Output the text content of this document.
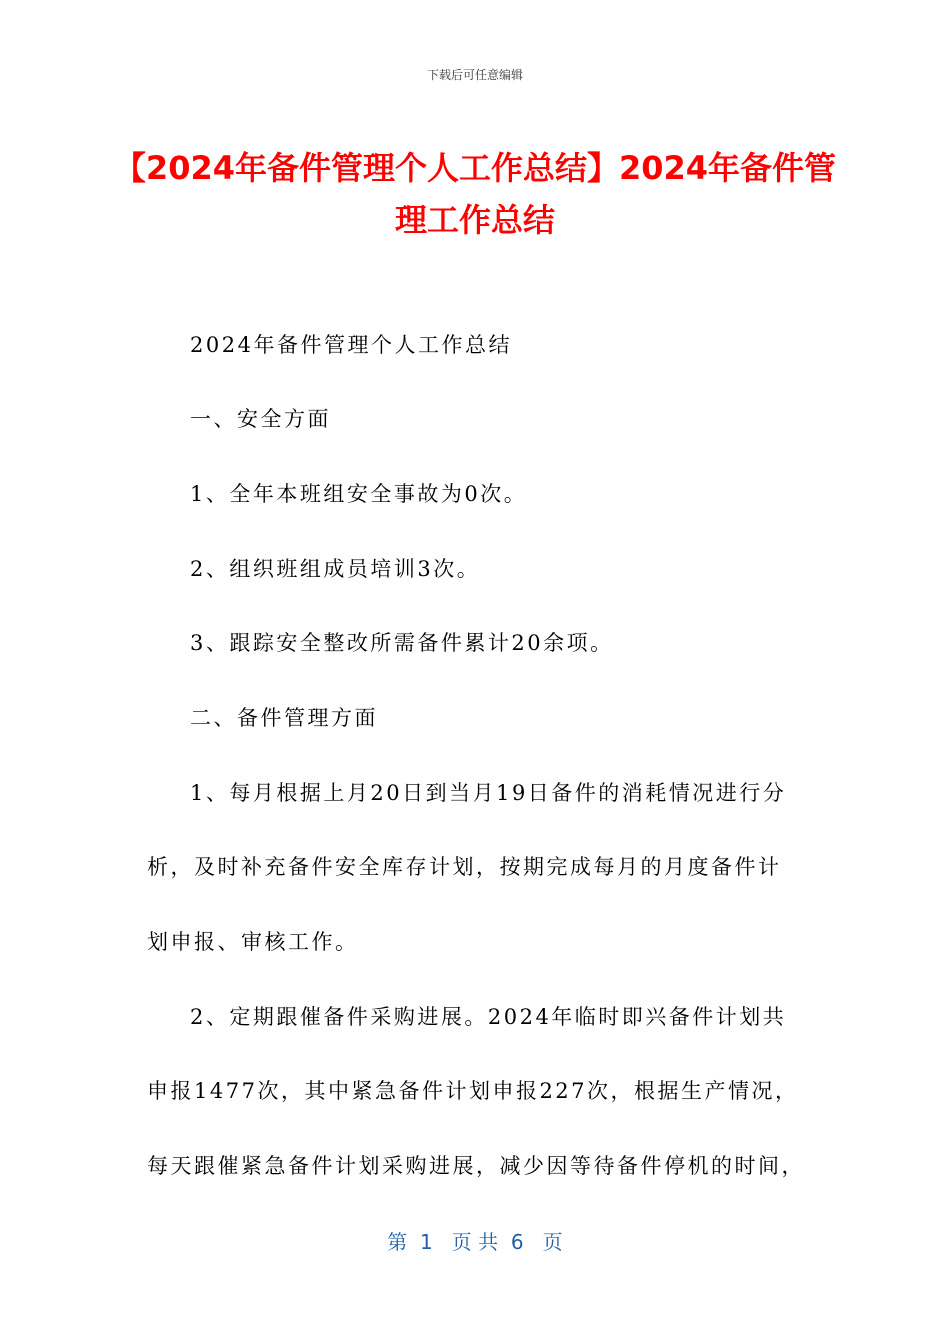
下载后可任意编辑
【2024年备件管理个人工作总结】2024年备件管理工作总结
2024年备件管理个人工作总结
一、安全方面
1、全年本班组安全事故为0次。
2、组织班组成员培训3次。
3、跟踪安全整改所需备件累计20余项。
二、备件管理方面
1、每月根据上月20日到当月19日备件的消耗情况进行分
析，及时补充备件安全库存计划，按期完成每月的月度备件计
划申报、审核工作。
2、定期跟催备件采购进展。2024年临时即兴备件计划共
申报1477次，其中紧急备件计划申报227次，根据生产情况，
每天跟催紧急备件计划采购进展，减少因等待备件停机的时间，
第  1   页 共  6   页
